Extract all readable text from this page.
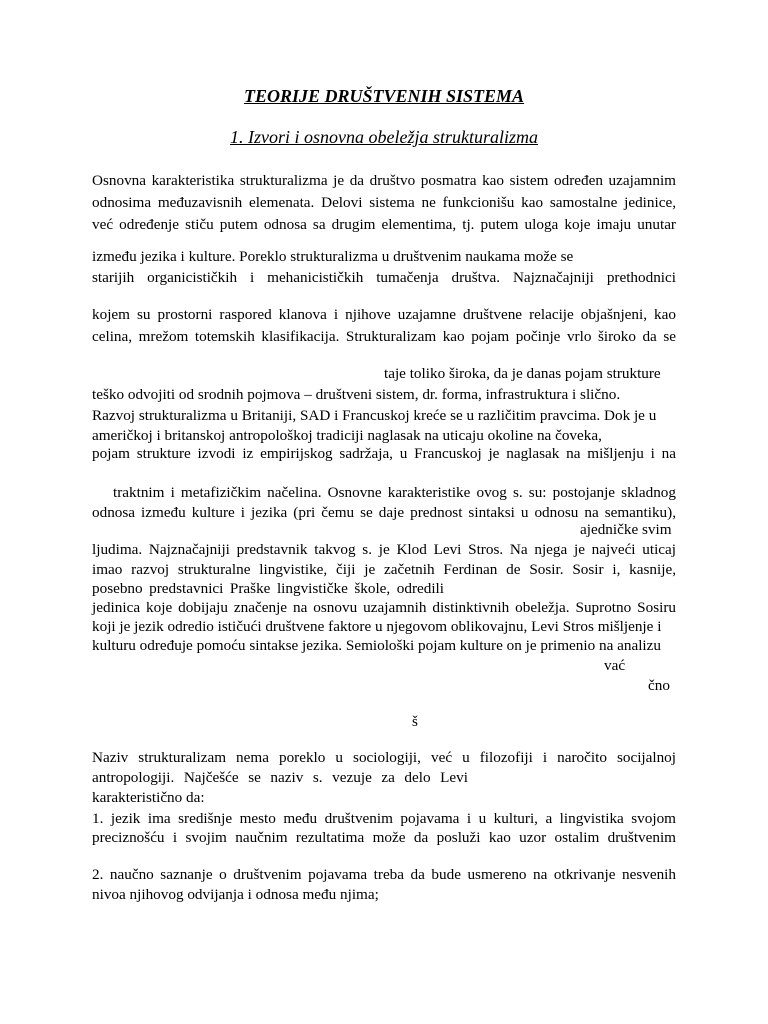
TEORIJE DRUŠTVENIH SISTEMA
1. Izvori i osnovna obeležja strukturalizma
Osnovna karakteristika strukturalizma je da društvo posmatra kao sistem određen uzajamnim
odnosima međuzavisnih elemenata. Delovi sistema ne funkcionišu kao samostalne jedinice,
već određenje stiču putem odnosa sa drugim elementima, tj. putem uloga koje imaju unutar
između jezika i kulture. Poreklo strukturalizma u društvenim naukama može se
starijih organicističkih i mehanicističkih tumačenja društva. Najznačajniji prethodnici
kojem su prostorni raspored klanova i njihove uzajamne društvene relacije objašnjeni, kao
celina, mrežom totemskih klasifikacija. Strukturalizam kao pojam počinje vrlo široko da se
taje toliko široka, da je danas pojam strukture
teško odvojiti od srodnih pojmova – društveni sistem, dr. forma, infrastruktura i slično.
Razvoj strukturalizma u Britaniji, SAD i Francuskoj kreće se u različitim pravcima. Dok je u
američkoj i britanskoj antropološkoj tradiciji naglasak na uticaju okoline na čoveka,
pojam strukture izvodi iz empirijskog sadržaja, u Francuskoj je naglasak na mišljenju i na
traktnim i metafizičkim načelina. Osnovne karakteristike ovog s. su: postojanje skladnog
odnosa između kulture i jezika (pri čemu se daje prednost sintaksi u odnosu na semantiku),
ajedničke svim
ljudima. Najznačajniji predstavnik takvog s. je Klod Levi Stros. Na njega je najveći uticaj
imao razvoj strukturalne lingvistike, čiji je začetnih Ferdinan de Sosir. Sosir i, kasnije,
posebno predstavnici Praške lingvističke škole, odredili
jedinica koje dobijaju značenje na osnovu uzajamnih distinktivnih obeležja. Suprotno Sosiru
koji je jezik odredio ističući društvene faktore u njegovom oblikovajnu, Levi Stros mišljenje i
kulturu određuje pomoću sintakse jezika. Semiološki pojam kulture on je primenio na analizu
vać
čno
š
Naziv strukturalizam nema poreklo u sociologiji, već u filozofiji i naročito socijalnoj
antropologiji. Najčešće se naziv s. vezuje za delo Levi
karakteristično da:
1. jezik ima središnje mesto među društvenim pojavama i u kulturi, a lingvistika svojom
preciznošću i svojim naučnim rezultatima može da posluži kao uzor ostalim društvenim
2. naučno saznanje o društvenim pojavama treba da bude usmereno na otkrivanje nesvenih
nivoa njihovog odvijanja i odnosa među njima;
